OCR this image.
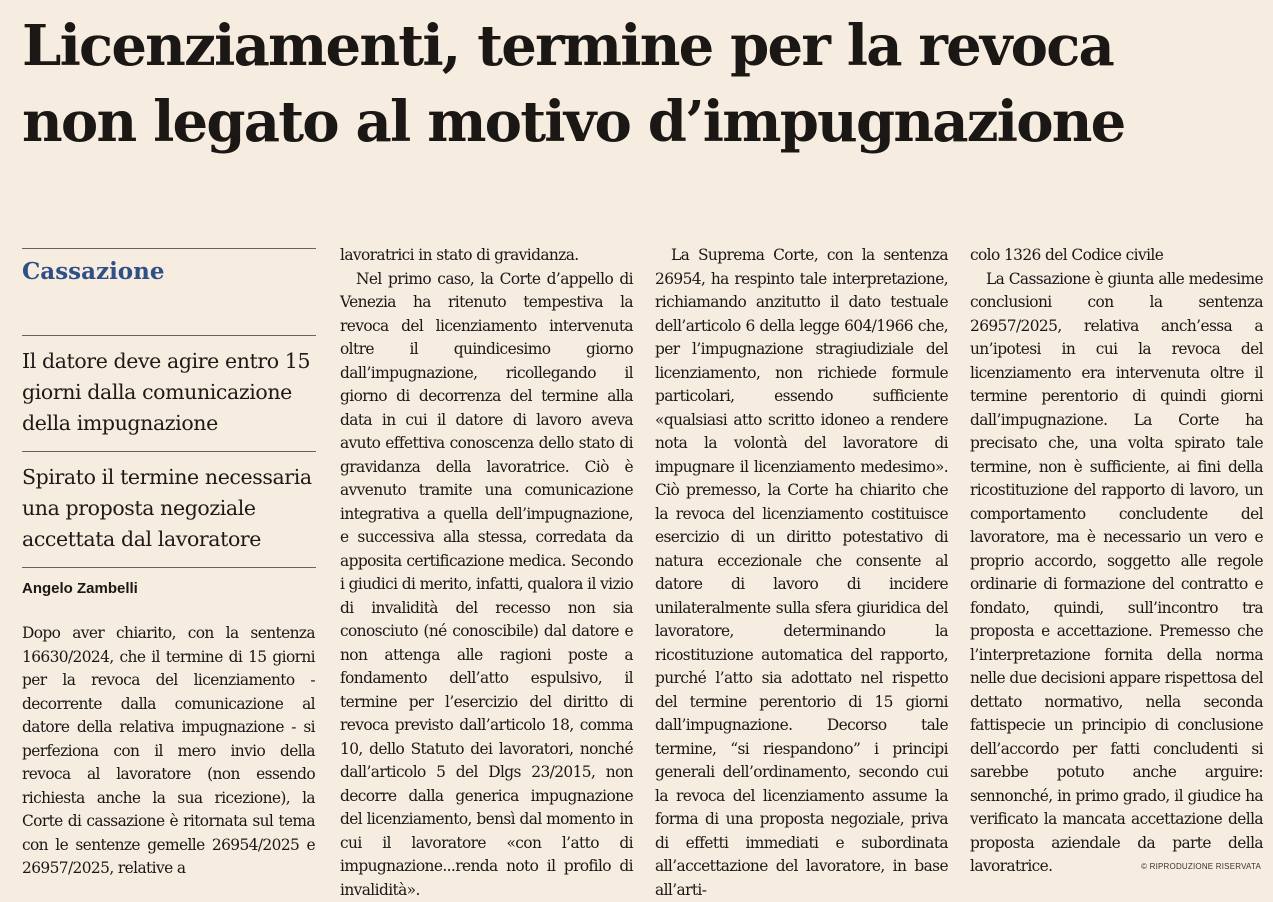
Licenziamenti, termine per la revoca
non legato al motivo d’impugnazione
Cassazione
Il datore deve agire entro 15 giorni dalla comunicazione della impugnazione
Spirato il termine necessaria una proposta negoziale accettata dal lavoratore
Angelo Zambelli

Dopo aver chiarito, con la sentenza 16630/2024, che il termine di 15 giorni per la revoca del licenziamento - decorrente dalla comunicazione al datore della relativa impugnazione - si perfeziona con il mero invio della revoca al lavoratore (non essendo richiesta anche la sua ricezione), la Corte di cassazione è ritornata sul tema con le sentenze gemelle 26954/2025 e 26957/2025, relative a

lavoratrici in stato di gravidanza.

Nel primo caso, la Corte d’appello di Venezia ha ritenuto tempestiva la revoca del licenziamento intervenuta oltre il quindicesimo giorno dall’impugnazione, ricollegando il giorno di decorrenza del termine alla data in cui il datore di lavoro aveva avuto effettiva conoscenza dello stato di gravidanza della lavoratrice. Ciò è avvenuto tramite una comunicazione integrativa a quella dell’impugnazione, e successiva alla stessa, corredata da apposita certificazione medica. Secondo i giudici di merito, infatti, qualora il vizio di invalidità del recesso non sia conosciuto (né conoscibile) dal datore e non attenga alle ragioni poste a fondamento dell’atto espulsivo, il termine per l’esercizio del diritto di revoca previsto dall’articolo 18, comma 10, dello Statuto dei lavoratori, nonché dall’articolo 5 del Dlgs 23/2015, non decorre dalla generica impugnazione del licenziamento, bensì dal momento in cui il lavoratore «con l’atto di impugnazione...renda noto il profilo di invalidità».

La Suprema Corte, con la sentenza 26954, ha respinto tale interpretazione, richiamando anzitutto il dato testuale dell’articolo 6 della legge 604/1966 che, per l’impugnazione stragiudiziale del licenziamento, non richiede formule particolari, essendo sufficiente «qualsiasi atto scritto idoneo a rendere nota la volontà del lavoratore di impugnare il licenziamento medesimo». Ciò premesso, la Corte ha chiarito che la revoca del licenziamento costituisce esercizio di un diritto potestativo di natura eccezionale che consente al datore di lavoro di incidere unilateralmente sulla sfera giuridica del lavoratore, determinando la ricostituzione automatica del rapporto, purché l’atto sia adottato nel rispetto del termine perentorio di 15 giorni dall’impugnazione. Decorso tale termine, “si riespandono” i principi generali dell’ordinamento, secondo cui la revoca del licenziamento assume la forma di una proposta negoziale, priva di effetti immediati e subordinata all’accettazione del lavoratore, in base all’arti-

colo 1326 del Codice civile

La Cassazione è giunta alle medesime conclusioni con la sentenza 26957/2025, relativa anch’essa a un’ipotesi in cui la revoca del licenziamento era intervenuta oltre il termine perentorio di quindi giorni dall’impugnazione. La Corte ha precisato che, una volta spirato tale termine, non è sufficiente, ai fini della ricostituzione del rapporto di lavoro, un comportamento concludente del lavoratore, ma è necessario un vero e proprio accordo, soggetto alle regole ordinarie di formazione del contratto e fondato, quindi, sull’incontro tra proposta e accettazione. Premesso che l’interpretazione fornita della norma nelle due decisioni appare rispettosa del dettato normativo, nella seconda fattispecie un principio di conclusione dell’accordo per fatti concludenti si sarebbe potuto anche arguire: sennonché, in primo grado, il giudice ha verificato la mancata accettazione della proposta aziendale da parte della lavoratrice.	© RIPRODUZIONE RISERVATA
